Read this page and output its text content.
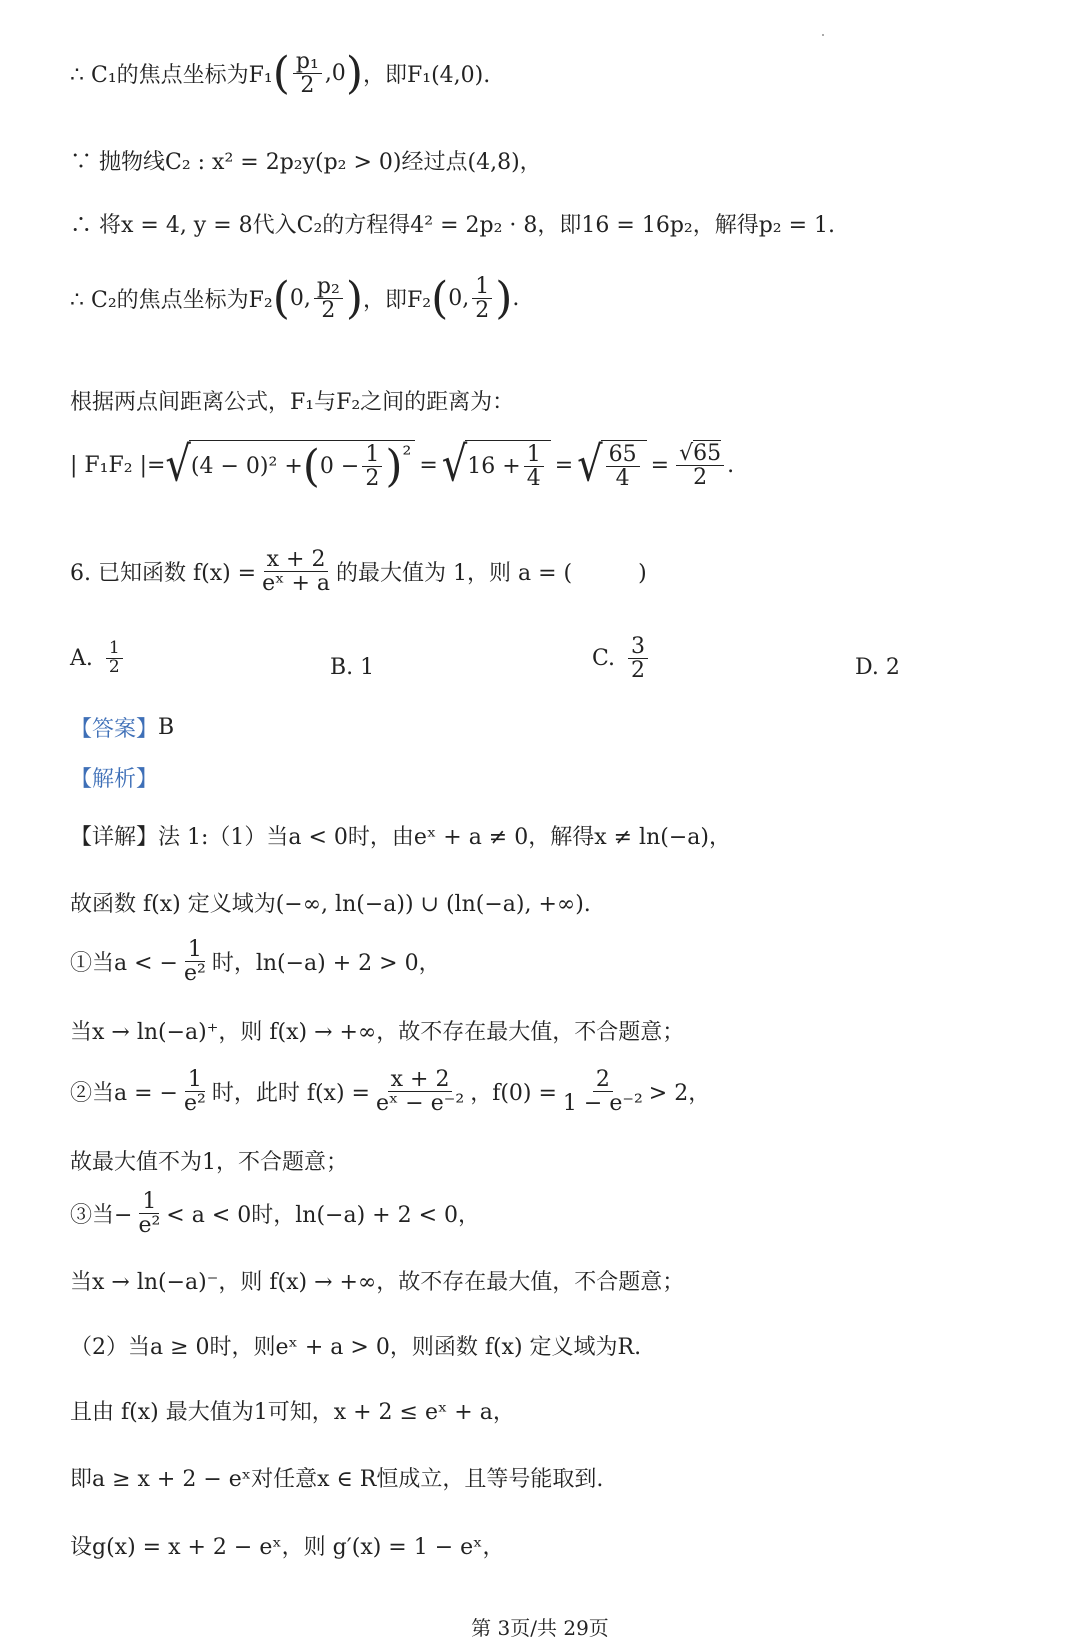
∴ C₁的焦点坐标为F₁ ( $\frac{\text{p₁}}{2} ,0$ ) ，即F₁(4,0).
∵ 抛物线C₂ : x² = 2p₂y(p₂ > 0)经过点(4,8)，
∴ 将x = 4, y = 8代入C₂的方程得4² = 2p₂ · 8，即16 = 16p₂，解得p₂ = 1.
∴ C₂的焦点坐标为F₂ ( 0, $\frac{\text{p₂}}{2}$ ) ，即F₂ ( 0, $\frac{1}{2}$ ) .
根据两点间距离公式，F₁与F₂之间的距离为：
| F₁F₂ |= √ (4 − 0)² + ( $0 - \frac{1}{2}$ ) ² = √ $16 + \frac{1}{4}$ = √ $\frac{65}{4} = \frac{√65}{2}$ .
6. 已知函数 $f(x) = \frac{x + 2}{\text{eˣ + a}}$ 的最大值为 1，则 a = (　　　)
A. $\frac{1}{2}$	B. 1	C. $\frac{3}{2}$	D. 2
【答案】 B
【解析】
【详解】法 1:（1）当a < 0时，由eˣ + a ≠ 0，解得x ≠ ln(−a)，
故函数 f(x) 定义域为(−∞, ln(−a)) ∪ (ln(−a), +∞).
①当a < − $\frac{1}{\text{e²}}$ 时，ln(−a) + 2 > 0，
当x → ln(−a)⁺，则 f(x) → +∞，故不存在最大值，不合题意；
②当a = − $\frac{1}{\text{e²}}$ 时，此时 $f(x) = \frac{x + 2}{\text{eˣ − e⁻²}}$ ，$f(0) = \frac{2}{\text{1 − e⁻²}} > 2$，
故最大值不为1，不合题意；
③当− $\frac{1}{\text{e²}} < a < 0$时，ln(−a) + 2 < 0，
当x → ln(−a)⁻，则 f(x) → +∞，故不存在最大值，不合题意；
（2）当a ≥ 0时，则eˣ + a > 0，则函数 f(x) 定义域为R.
且由 f(x) 最大值为1可知，x + 2 ≤ eˣ + a，
即a ≥ x + 2 − eˣ对任意x ∈ R恒成立，且等号能取到.
设g(x) = x + 2 − eˣ，则 g′(x) = 1 − eˣ，
第 3页/共 29页
